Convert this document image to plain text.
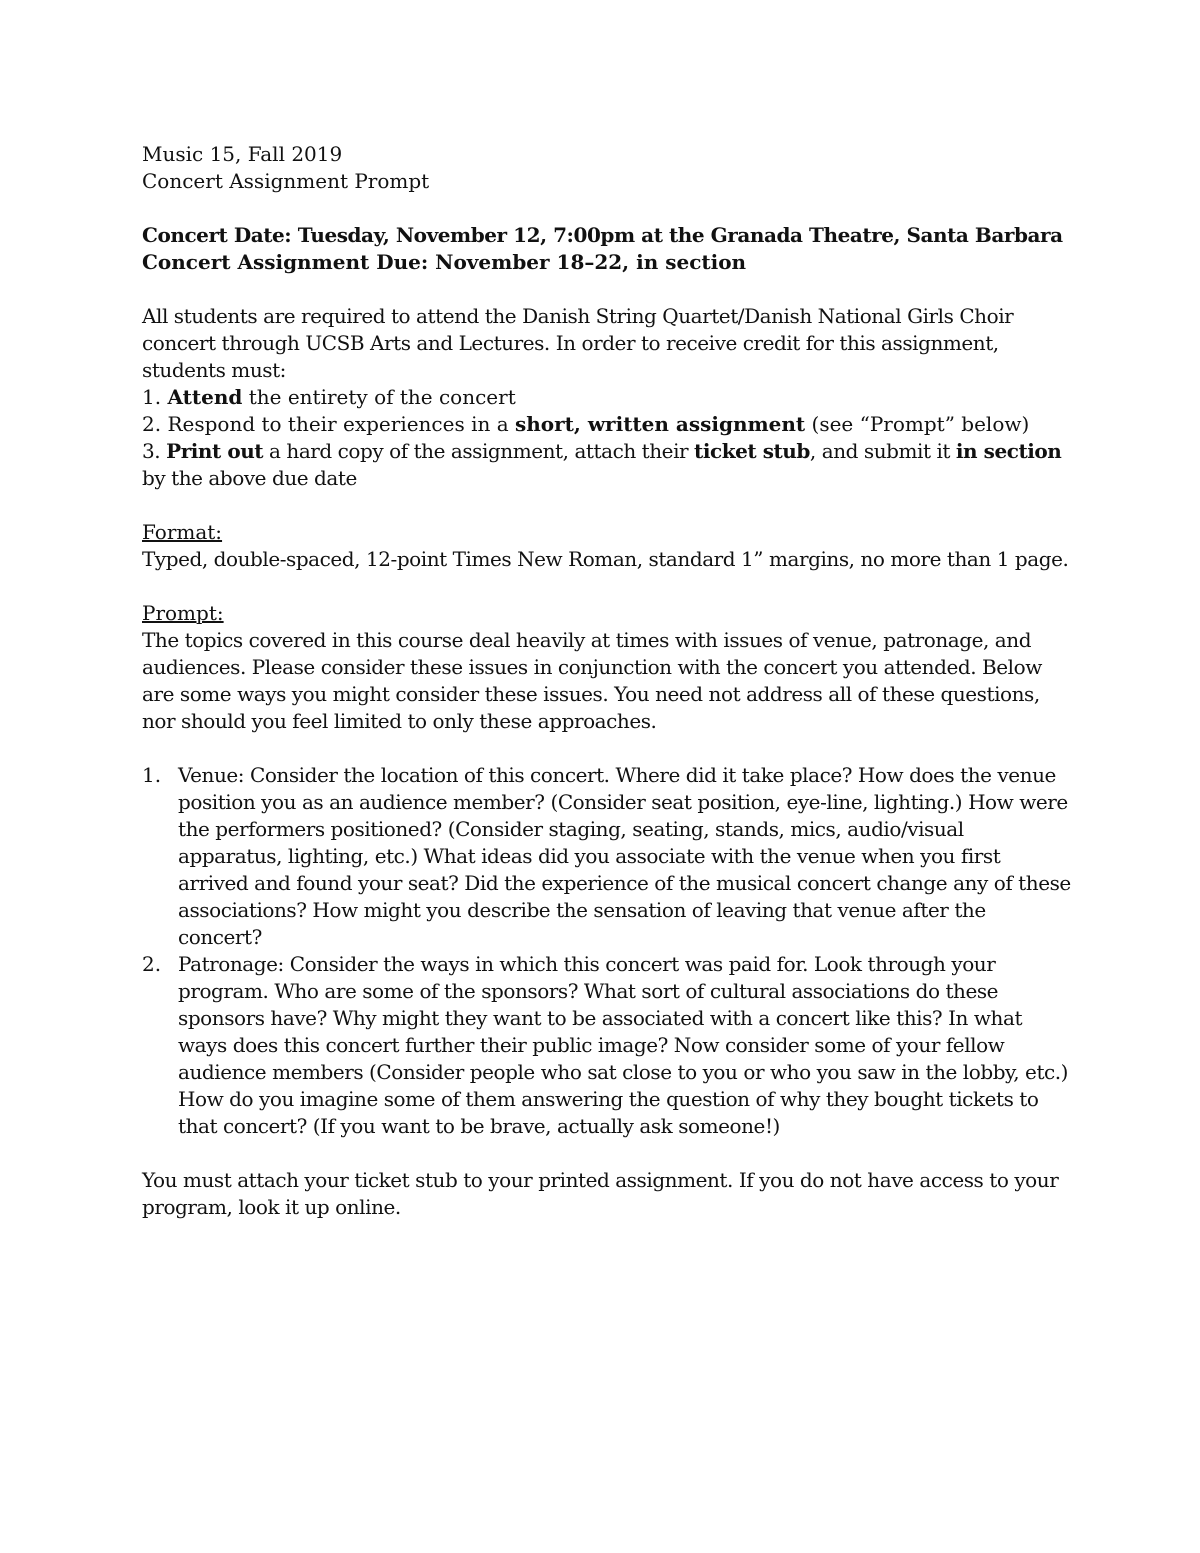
Music 15, Fall 2019
Concert Assignment Prompt
Concert Date: Tuesday, November 12, 7:00pm at the Granada Theatre, Santa Barbara
Concert Assignment Due: November 18–22, in section
All students are required to attend the Danish String Quartet/Danish National Girls Choir concert through UCSB Arts and Lectures. In order to receive credit for this assignment, students must:
1. Attend the entirety of the concert
2. Respond to their experiences in a short, written assignment (see “Prompt” below)
3. Print out a hard copy of the assignment, attach their ticket stub, and submit it in section by the above due date
Format:
Typed, double-spaced, 12-point Times New Roman, standard 1” margins, no more than 1 page.
Prompt:
The topics covered in this course deal heavily at times with issues of venue, patronage, and audiences. Please consider these issues in conjunction with the concert you attended. Below are some ways you might consider these issues. You need not address all of these questions, nor should you feel limited to only these approaches.
1. Venue: Consider the location of this concert. Where did it take place? How does the venue position you as an audience member? (Consider seat position, eye-line, lighting.) How were the performers positioned? (Consider staging, seating, stands, mics, audio/visual apparatus, lighting, etc.) What ideas did you associate with the venue when you first arrived and found your seat? Did the experience of the musical concert change any of these associations? How might you describe the sensation of leaving that venue after the concert?
2. Patronage: Consider the ways in which this concert was paid for. Look through your program. Who are some of the sponsors? What sort of cultural associations do these sponsors have? Why might they want to be associated with a concert like this? In what ways does this concert further their public image? Now consider some of your fellow audience members (Consider people who sat close to you or who you saw in the lobby, etc.) How do you imagine some of them answering the question of why they bought tickets to that concert? (If you want to be brave, actually ask someone!)
You must attach your ticket stub to your printed assignment. If you do not have access to your program, look it up online.
